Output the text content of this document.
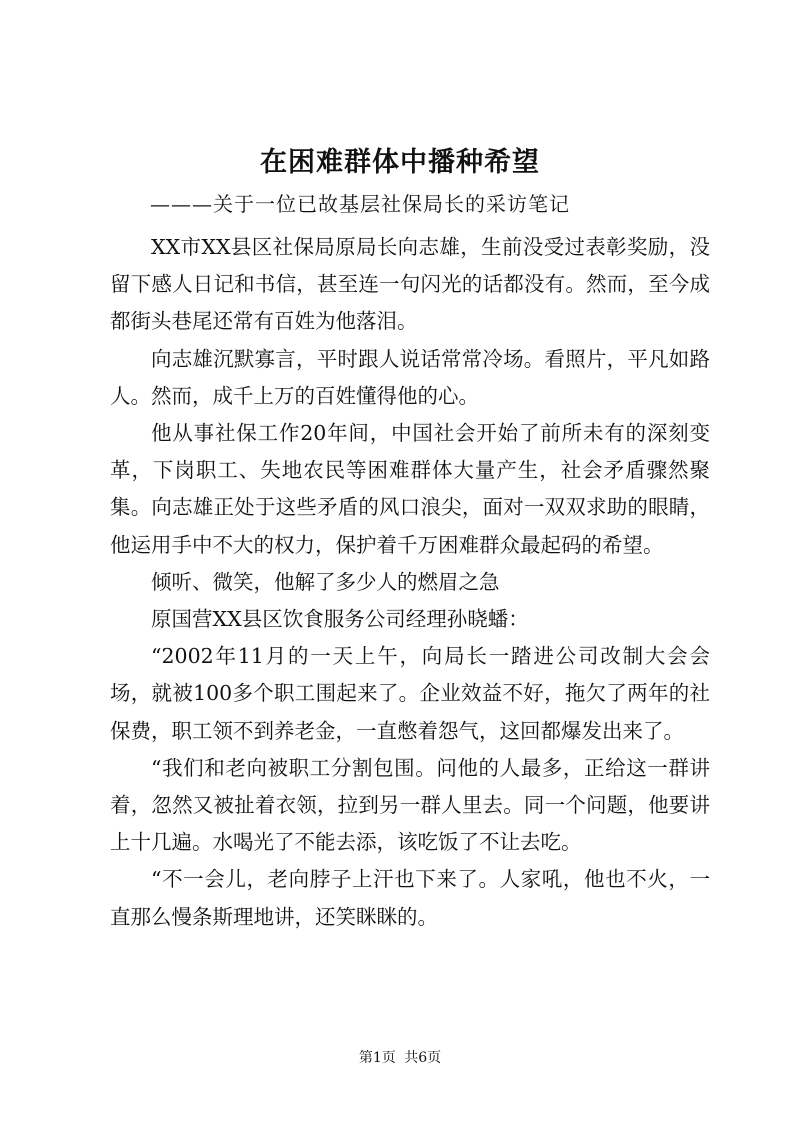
在困难群体中播种希望
———关于一位已故基层社保局长的采访笔记

XX市XX县区社保局原局长向志雄，生前没受过表彰奖励，没留下感人日记和书信，甚至连一句闪光的话都没有。然而，至今成都街头巷尾还常有百姓为他落泪。

向志雄沉默寡言，平时跟人说话常常冷场。看照片，平凡如路人。然而，成千上万的百姓懂得他的心。

他从事社保工作20年间，中国社会开始了前所未有的深刻变革，下岗职工、失地农民等困难群体大量产生，社会矛盾骤然聚集。向志雄正处于这些矛盾的风口浪尖，面对一双双求助的眼睛，他运用手中不大的权力，保护着千万困难群众最起码的希望。

倾听、微笑，他解了多少人的燃眉之急

原国营XX县区饮食服务公司经理孙晓蟠：

“2002年11月的一天上午，向局长一踏进公司改制大会会场，就被100多个职工围起来了。企业效益不好，拖欠了两年的社保费，职工领不到养老金，一直憋着怨气，这回都爆发出来了。

“我们和老向被职工分割包围。问他的人最多，正给这一群讲着，忽然又被扯着衣领，拉到另一群人里去。同一个问题，他要讲上十几遍。水喝光了不能去添，该吃饭了不让去吃。

“不一会儿，老向脖子上汗也下来了。人家吼，他也不火，一直那么慢条斯理地讲，还笑眯眯的。

第1页 共6页
